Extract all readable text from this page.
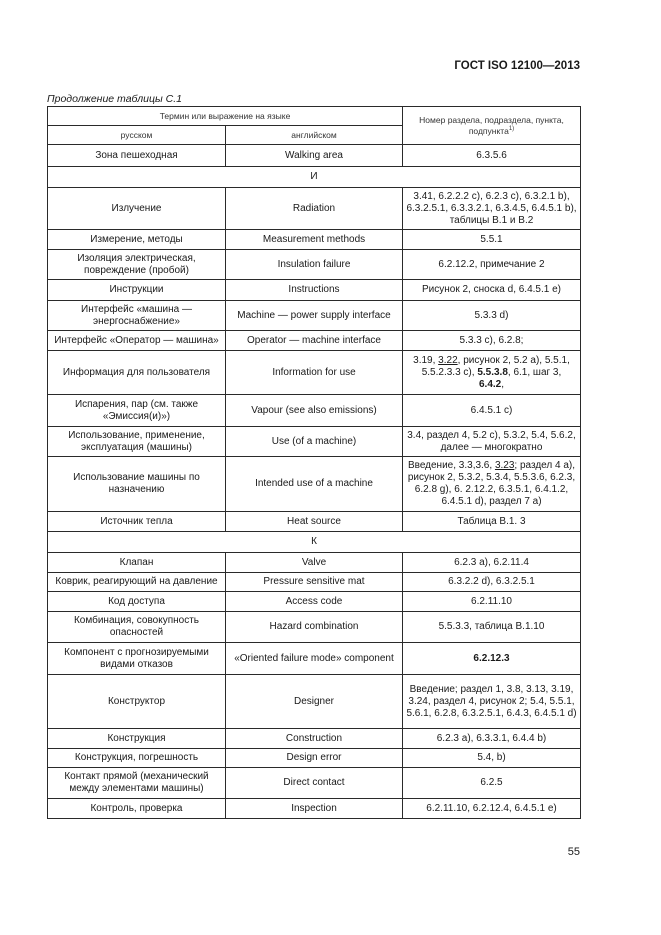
ГОСТ ISO 12100—2013
Продолжение таблицы С.1
Термин или выражение на языке		Номер раздела, подраздела, пункта, подпункта$^{1)}$
русском	английском	
Зона пешеходная	Walking area	6.3.5.6
И		
Излучение	Radiation	3.41, 6.2.2.2 с), 6.2.3 с), 6.3.2.1 b), 6.3.2.5.1, 6.3.3.2.1, 6.3.4.5, 6.4.5.1 b), таблицы В.1 и В.2
Измерение, методы	Measurement methods	5.5.1
Изоляция электрическая, повреждение (пробой)	Insulation failure	6.2.12.2, примечание 2
Инструкции	Instructions	Рисунок 2, сноска d, 6.4.5.1 е)
Интерфейс «машина — энергоснабжение»	Machine — power supply interface	5.3.3 d)
Интерфейс «Оператор — машина»	Operator — machine interface	5.3.3 с), 6.2.8;
Информация для пользователя	Information for use	3.19, 3.22, рисунок 2, 5.2 а), 5.5.1, 5.5.2.3.3 с), 5.5.3.8, 6.1, шаг 3,
6.4.2,
Испарения, пар (см. также «Эмиссия(и)»)	Vapour (see also emissions)	6.4.5.1 с)
Использование, применение, эксплуатация (машины)	Use (of a machine)	3.4, раздел 4, 5.2 с), 5.3.2, 5.4, 5.6.2, далее — многократно
Использование машины по назначению	Intended use of a machine	Введение, 3.3,3.6, 3.23; раздел 4 а), рисунок 2, 5.3.2, 5.3.4, 5.5.3.6, 6.2.3, 6.2.8 g), 6. 2.12.2, 6.3.5.1, 6.4.1.2, 6.4.5.1 d), раздел 7 а)
Источник тепла	Heat source	Таблица В.1. 3
К		
Клапан	Valve	6.2.3 а), 6.2.11.4
Коврик, реагирующий на давление	Pressure sensitive mat	6.3.2.2 d), 6.3.2.5.1
Код доступа	Access code	6.2.11.10
Комбинация, совокупность опасностей	Hazard combination	5.5.3.3, таблица В.1.10
Компонент с прогнозируемыми видами отказов	«Oriented failure mode» component	6.2.12.3
Конструктор	Designer	Введение; раздел 1, 3.8, 3.13, 3.19, 3.24, раздел 4, рисунок 2; 5.4, 5.5.1, 5.6.1, 6.2.8, 6.3.2.5.1, 6.4.3, 6.4.5.1 d)
Конструкция	Construction	6.2.3 а), 6.3.3.1, 6.4.4 b)
Конструкция, погрешность	Design error	5.4, b)
Контакт прямой (механический между элементами машины)	Direct contact	6.2.5
Контроль, проверка	Inspection	6.2.11.10, 6.2.12.4, 6.4.5.1 е)
55
